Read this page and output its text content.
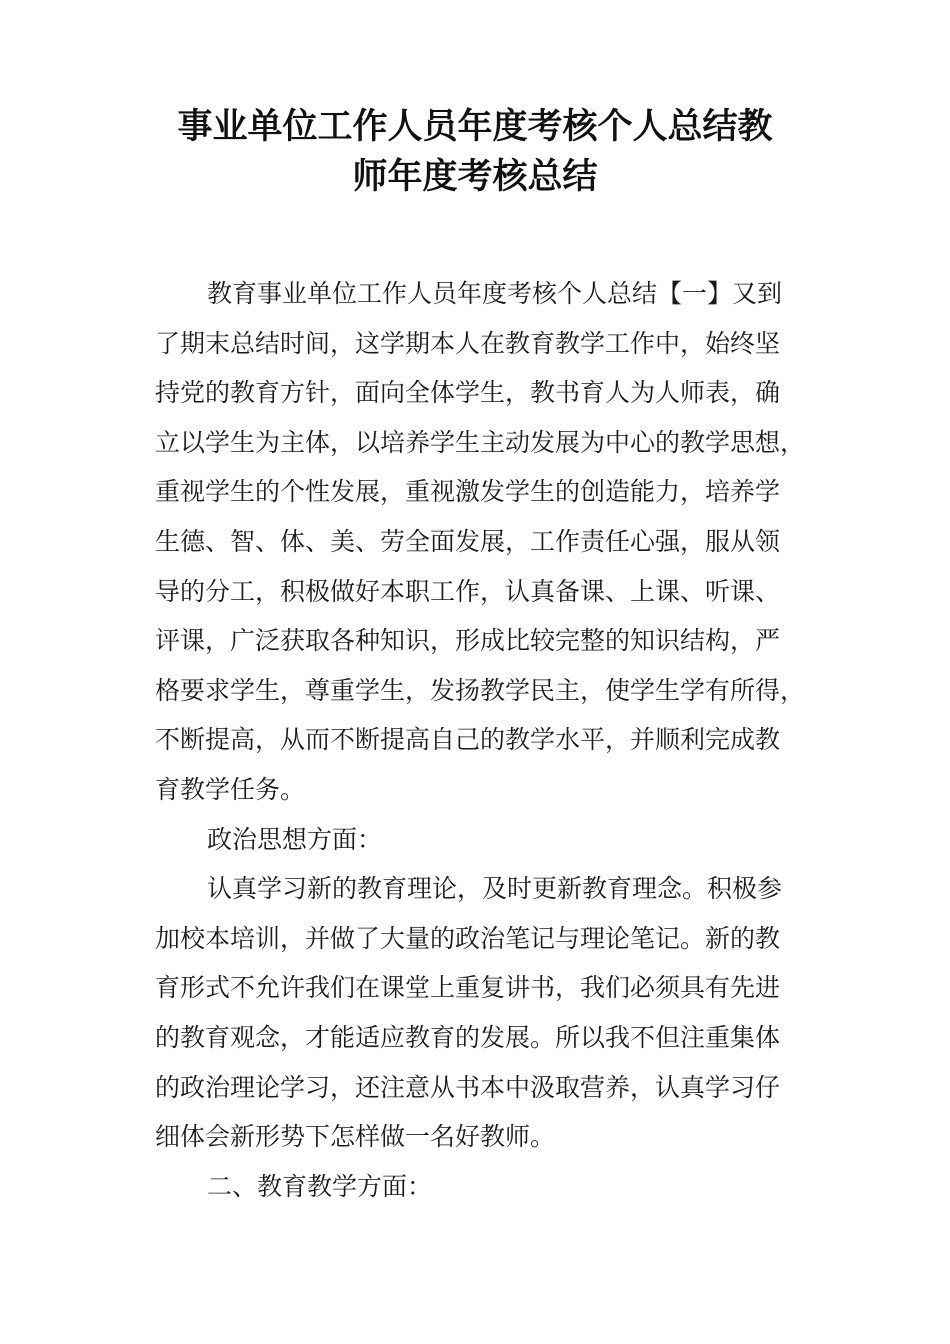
事业单位工作人员年度考核个人总结教
师年度考核总结
教育事业单位工作人员年度考核个人总结【一】又到
了期末总结时间，这学期本人在教育教学工作中，始终坚
持党的教育方针，面向全体学生，教书育人为人师表，确
立以学生为主体，以培养学生主动发展为中心的教学思想，
重视学生的个性发展，重视激发学生的创造能力，培养学
生德、智、体、美、劳全面发展，工作责任心强，服从领
导的分工，积极做好本职工作，认真备课、上课、听课、
评课，广泛获取各种知识，形成比较完整的知识结构，严
格要求学生，尊重学生，发扬教学民主，使学生学有所得，
不断提高，从而不断提高自己的教学水平，并顺利完成教
育教学任务。
政治思想方面：
认真学习新的教育理论，及时更新教育理念。积极参
加校本培训，并做了大量的政治笔记与理论笔记。新的教
育形式不允许我们在课堂上重复讲书，我们必须具有先进
的教育观念，才能适应教育的发展。所以我不但注重集体
的政治理论学习，还注意从书本中汲取营养，认真学习仔
细体会新形势下怎样做一名好教师。
二、教育教学方面：
